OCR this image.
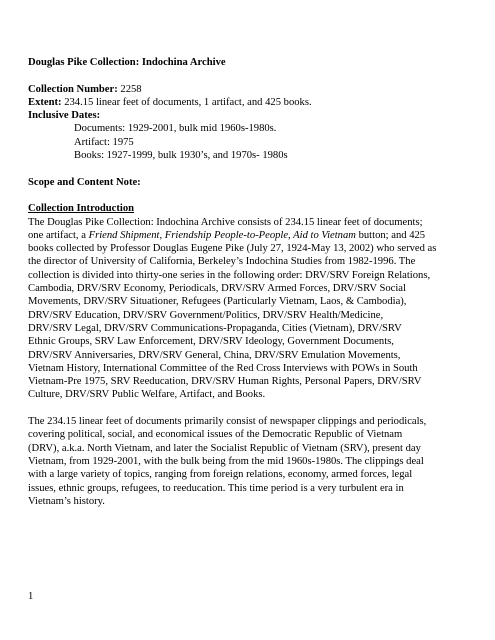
Douglas Pike Collection: Indochina Archive

Collection Number: 2258

Extent: 234.15 linear feet of documents, 1 artifact, and 425 books.

Inclusive Dates:

Documents: 1929-2001, bulk mid 1960s-1980s.

Artifact: 1975

Books: 1927-1999, bulk 1930’s, and 1970s- 1980s

Scope and Content Note:

Collection Introduction

The Douglas Pike Collection: Indochina Archive consists of 234.15 linear feet of documents;

one artifact, a Friend Shipment, Friendship People-to-People, Aid to Vietnam button; and 425

books collected by Professor Douglas Eugene Pike (July 27, 1924-May 13, 2002) who served as

the director of University of California, Berkeley’s Indochina Studies from 1982-1996. The

collection is divided into thirty-one series in the following order: DRV/SRV Foreign Relations,

Cambodia, DRV/SRV Economy, Periodicals, DRV/SRV Armed Forces, DRV/SRV Social

Movements, DRV/SRV Situationer, Refugees (Particularly Vietnam, Laos, & Cambodia),

DRV/SRV Education, DRV/SRV Government/Politics, DRV/SRV Health/Medicine,

DRV/SRV Legal, DRV/SRV Communications-Propaganda, Cities (Vietnam), DRV/SRV

Ethnic Groups, SRV Law Enforcement, DRV/SRV Ideology, Government Documents,

DRV/SRV Anniversaries, DRV/SRV General, China, DRV/SRV Emulation Movements,

Vietnam History, International Committee of the Red Cross Interviews with POWs in South

Vietnam-Pre 1975, SRV Reeducation, DRV/SRV Human Rights, Personal Papers, DRV/SRV

Culture, DRV/SRV Public Welfare, Artifact, and Books.

The 234.15 linear feet of documents primarily consist of newspaper clippings and periodicals,

covering political, social, and economical issues of the Democratic Republic of Vietnam

(DRV), a.k.a. North Vietnam, and later the Socialist Republic of Vietnam (SRV), present day

Vietnam, from 1929-2001, with the bulk being from the mid 1960s-1980s. The clippings deal

with a large variety of topics, ranging from foreign relations, economy, armed forces, legal

issues, ethnic groups, refugees, to reeducation. This time period is a very turbulent era in

Vietnam’s history.

1
